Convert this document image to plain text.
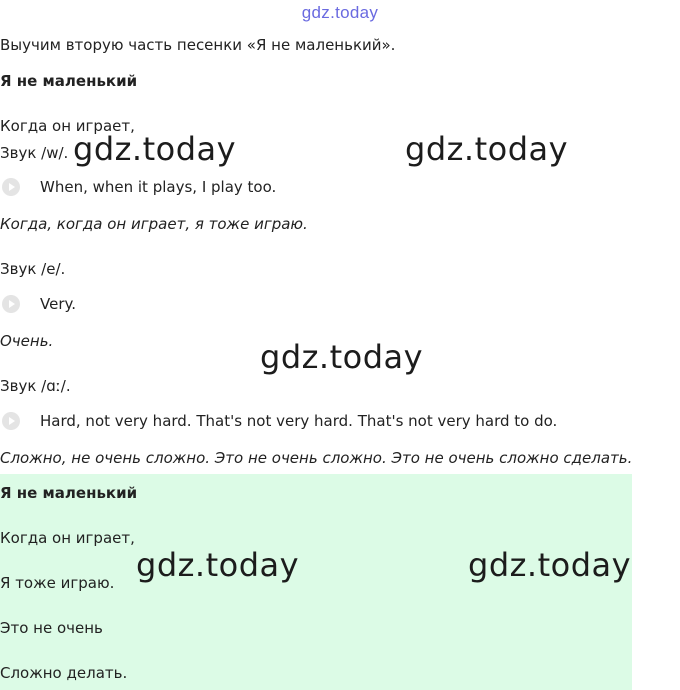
gdz.today
Выучим вторую часть песенки «Я не маленький».
Я не маленький
Когда он играет,
Звук /w/.
When, when it plays, I play too.
Когда, когда он играет, я тоже играю.
Звук /e/.
Very.
Очень.
Звук /ɑː/.
Hard, not very hard. That's not very hard. That's not very hard to do.
Сложно, не очень сложно. Это не очень сложно. Это не очень сложно сделать.
Я не маленький
Когда он играет,
Я тоже играю.
Это не очень
Сложно делать.
gdz.today	gdz.today
gdz.today
gdz.today	gdz.today
